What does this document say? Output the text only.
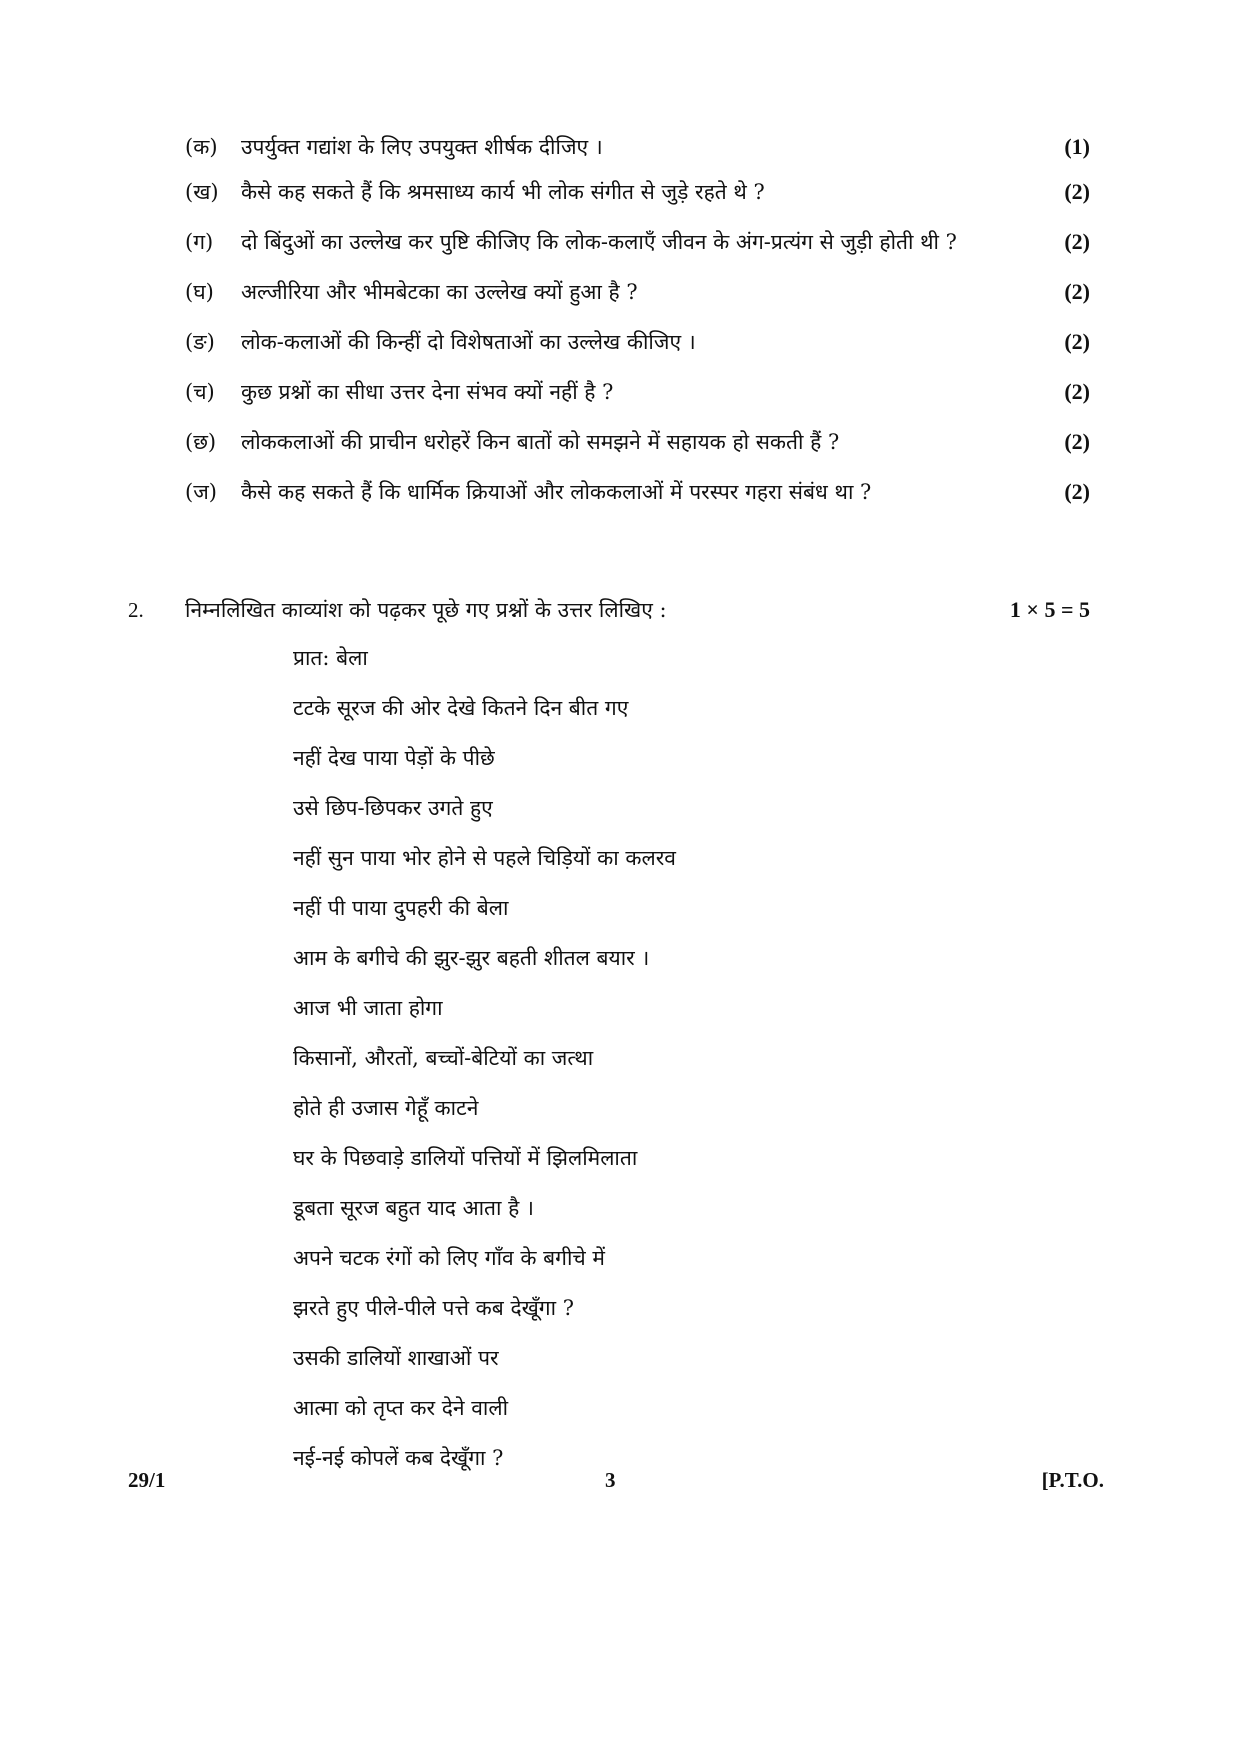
(क)	उपर्युक्त गद्यांश के लिए उपयुक्त शीर्षक दीजिए ।	(1)
(ख)	कैसे कह सकते हैं कि श्रमसाध्य कार्य भी लोक संगीत से जुड़े रहते थे ?	(2)
(ग)	दो बिंदुओं का उल्लेख कर पुष्टि कीजिए कि लोक-कलाएँ जीवन के अंग-प्रत्यंग से जुड़ी होती थी ?	(2)
(घ)	अल्जीरिया और भीमबेटका का उल्लेख क्यों हुआ है ?	(2)
(ङ)	लोक-कलाओं की किन्हीं दो विशेषताओं का उल्लेख कीजिए ।	(2)
(च)	कुछ प्रश्नों का सीधा उत्तर देना संभव क्यों नहीं है ?	(2)
(छ)	लोककलाओं की प्राचीन धरोहरें किन बातों को समझने में सहायक हो सकती हैं ?	(2)
(ज)	कैसे कह सकते हैं कि धार्मिक क्रियाओं और लोककलाओं में परस्पर गहरा संबंध था ?	(2)
2. निम्नलिखित काव्यांश को पढ़कर पूछे गए प्रश्नों के उत्तर लिखिए :	1 × 5 = 5
प्रात: बेला
टटके सूरज की ओर देखे कितने दिन बीत गए
नहीं देख पाया पेड़ों के पीछे
उसे छिप-छिपकर उगते हुए
नहीं सुन पाया भोर होने से पहले चिड़ियों का कलरव
नहीं पी पाया दुपहरी की बेला
आम के बगीचे की झुर-झुर बहती शीतल बयार ।
आज भी जाता होगा
किसानों, औरतों, बच्चों-बेटियों का जत्था
होते ही उजास गेहूँ काटने
घर के पिछवाड़े डालियों पत्तियों में झिलमिलाता
डूबता सूरज बहुत याद आता है ।
अपने चटक रंगों को लिए गाँव के बगीचे में
झरते हुए पीले-पीले पत्ते कब देखूँगा ?
उसकी डालियों शाखाओं पर
आत्मा को तृप्त कर देने वाली
नई-नई कोपलें कब देखूँगा ?
29/1	3	[P.T.O.
